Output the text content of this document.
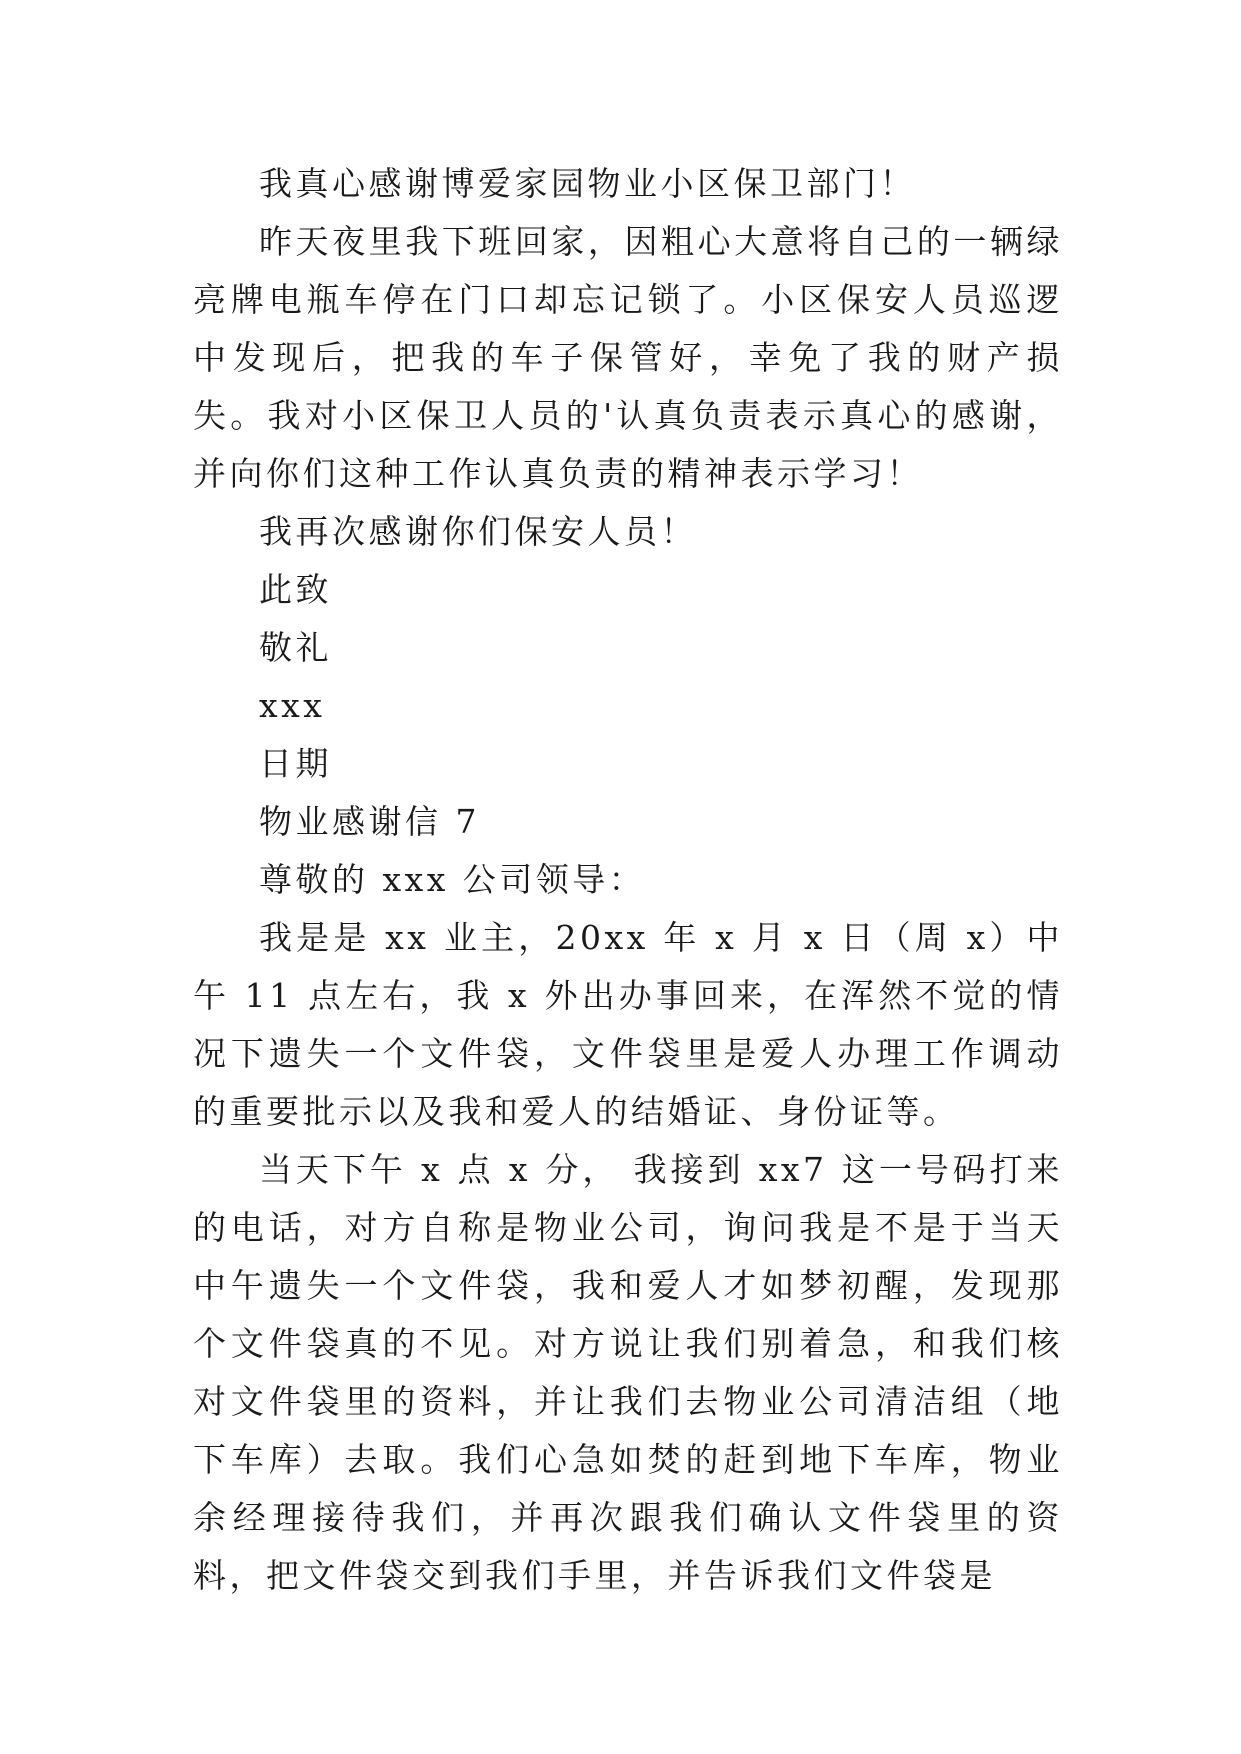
我真心感谢博爱家园物业小区保卫部门！

昨天夜里我下班回家，因粗心大意将自己的一辆绿亮牌电瓶车停在门口却忘记锁了。小区保安人员巡逻中发现后，把我的车子保管好，幸免了我的财产损失。我对小区保卫人员的'认真负责表示真心的感谢，并向你们这种工作认真负责的精神表示学习！

我再次感谢你们保安人员！

此致

敬礼

xxx

日期

物业感谢信 7

尊敬的 xxx 公司领导：

我是是 xx 业主，20xx 年 x 月 x 日（周 x）中午 11 点左右，我 x 外出办事回来，在浑然不觉的情况下遗失一个文件袋，文件袋里是爱人办理工作调动的重要批示以及我和爱人的结婚证、身份证等。

当天下午 x 点 x 分， 我接到 xx7 这一号码打来的电话，对方自称是物业公司，询问我是不是于当天中午遗失一个文件袋，我和爱人才如梦初醒，发现那个文件袋真的不见。对方说让我们别着急，和我们核对文件袋里的资料，并让我们去物业公司清洁组（地下车库）去取。我们心急如焚的赶到地下车库，物业余经理接待我们，并再次跟我们确认文件袋里的资料，把文件袋交到我们手里，并告诉我们文件袋是
